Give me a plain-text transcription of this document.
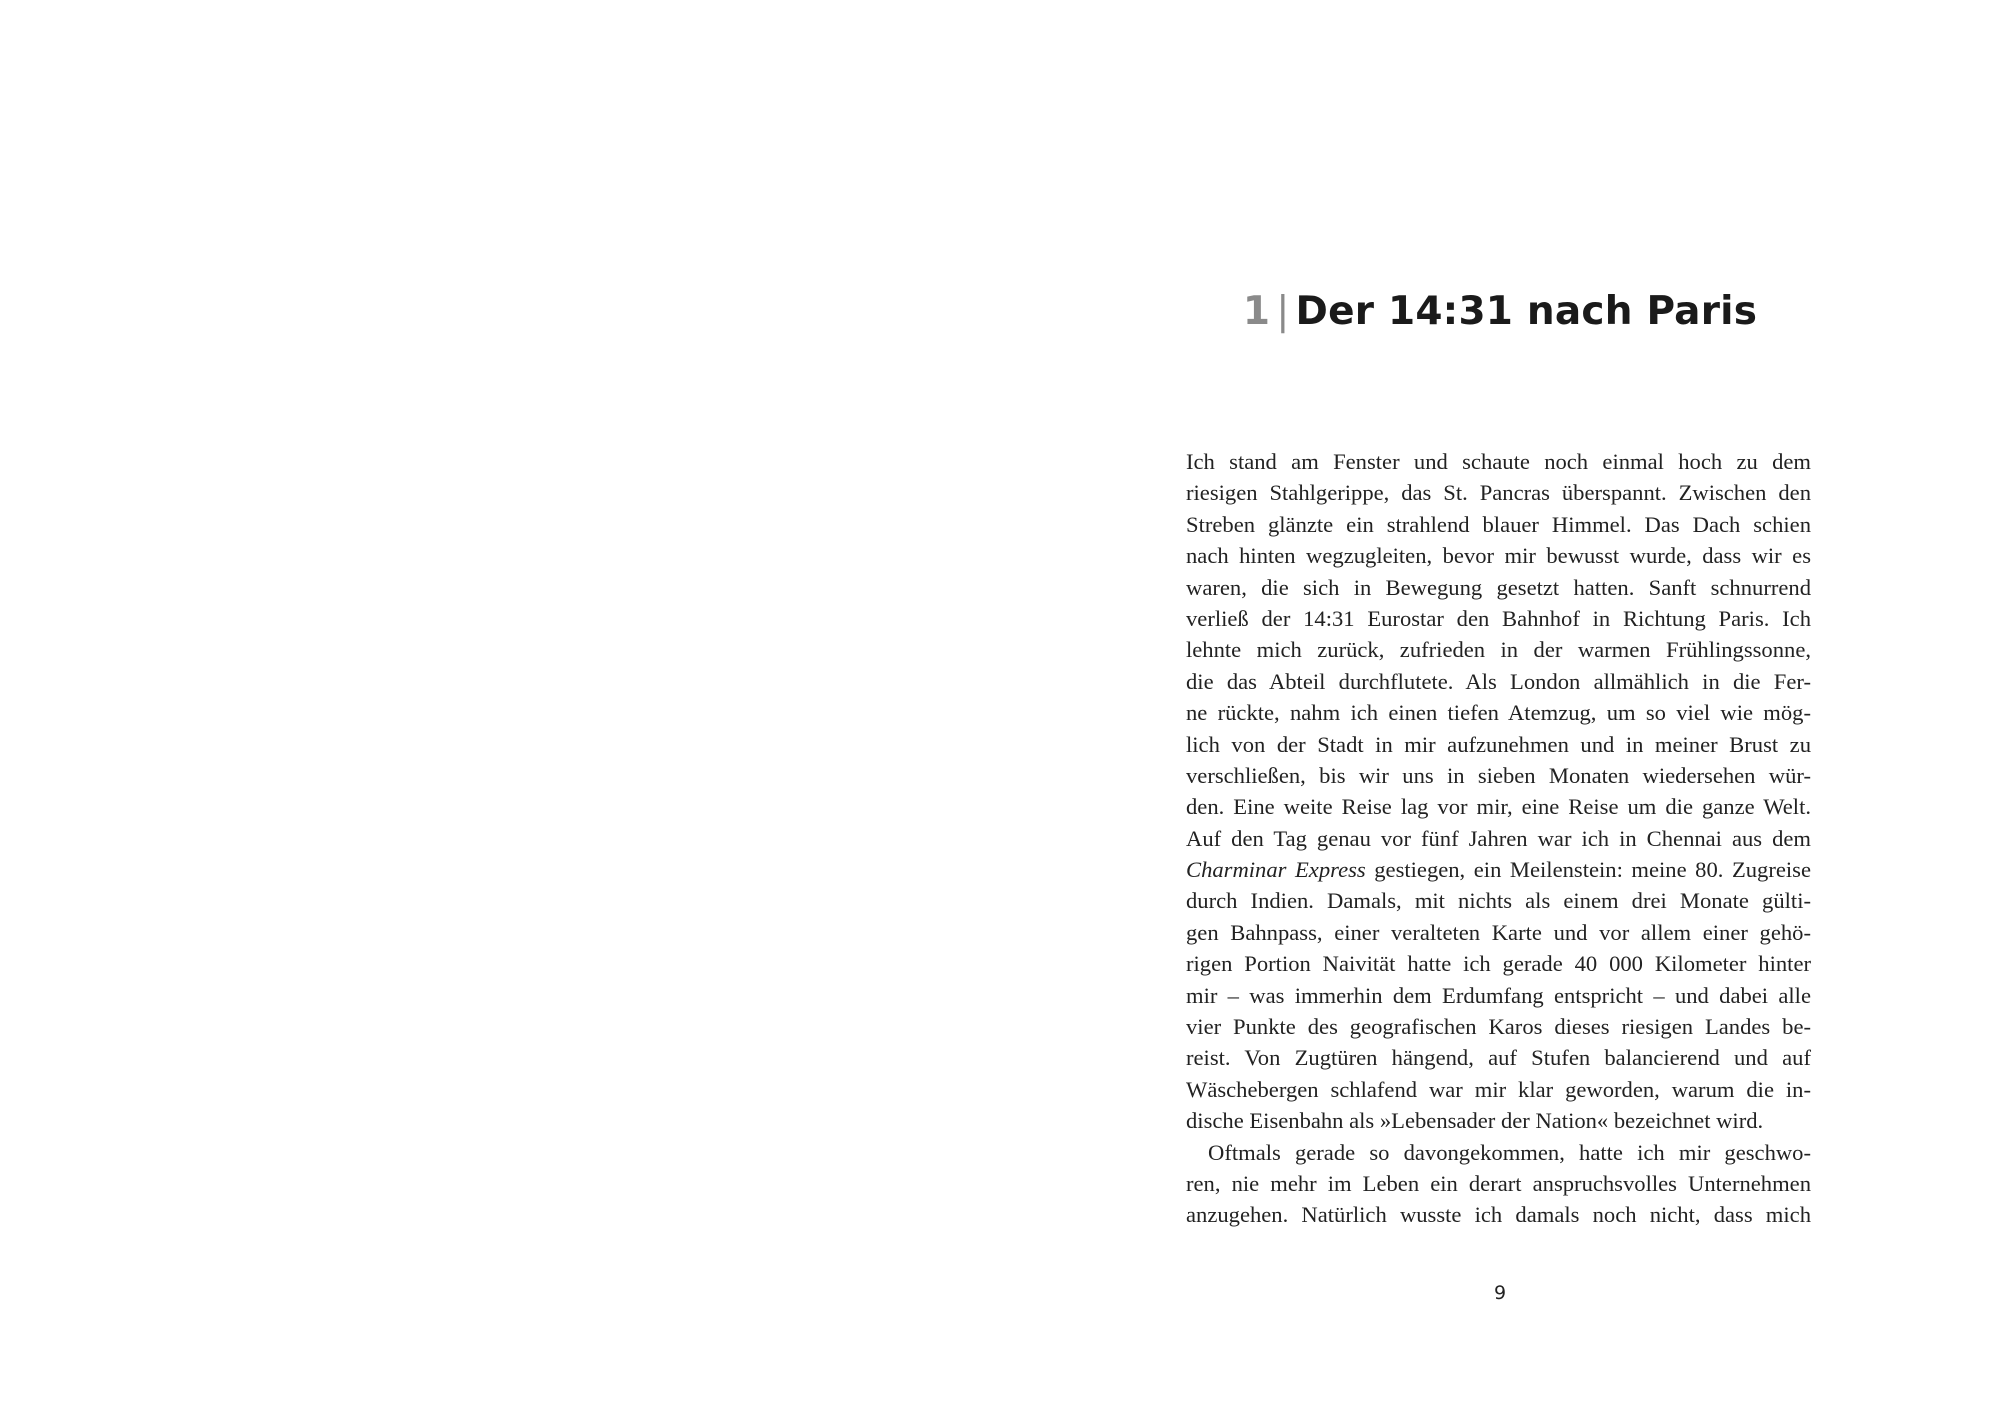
1 | Der 14:31 nach Paris
Ich stand am Fenster und schaute noch einmal hoch zu dem
riesigen Stahlgerippe, das St. Pancras überspannt. Zwischen den
Streben glänzte ein strahlend blauer Himmel. Das Dach schien
nach hinten wegzugleiten, bevor mir bewusst wurde, dass wir es
waren, die sich in Bewegung gesetzt hatten. Sanft schnurrend
verließ der 14:31 Eurostar den Bahnhof in Richtung Paris. Ich
lehnte mich zurück, zufrieden in der warmen Frühlingssonne,
die das Abteil durchflutete. Als London allmählich in die Fer-
ne rückte, nahm ich einen tiefen Atemzug, um so viel wie mög-
lich von der Stadt in mir aufzunehmen und in meiner Brust zu
verschließen, bis wir uns in sieben Monaten wiedersehen wür-
den. Eine weite Reise lag vor mir, eine Reise um die ganze Welt.
Auf den Tag genau vor fünf Jahren war ich in Chennai aus dem
Charminar Express gestiegen, ein Meilenstein: meine 80. Zugreise
durch Indien. Damals, mit nichts als einem drei Monate gülti-
gen Bahnpass, einer veralteten Karte und vor allem einer gehö-
rigen Portion Naivität hatte ich gerade 40 000 Kilometer hinter
mir – was immerhin dem Erdumfang entspricht – und dabei alle
vier Punkte des geografischen Karos dieses riesigen Landes be-
reist. Von Zugtüren hängend, auf Stufen balancierend und auf
Wäschebergen schlafend war mir klar geworden, warum die in-
dische Eisenbahn als »Lebensader der Nation« bezeichnet wird.
Oftmals gerade so davongekommen, hatte ich mir geschwo-
ren, nie mehr im Leben ein derart anspruchsvolles Unternehmen
anzugehen. Natürlich wusste ich damals noch nicht, dass mich
9
